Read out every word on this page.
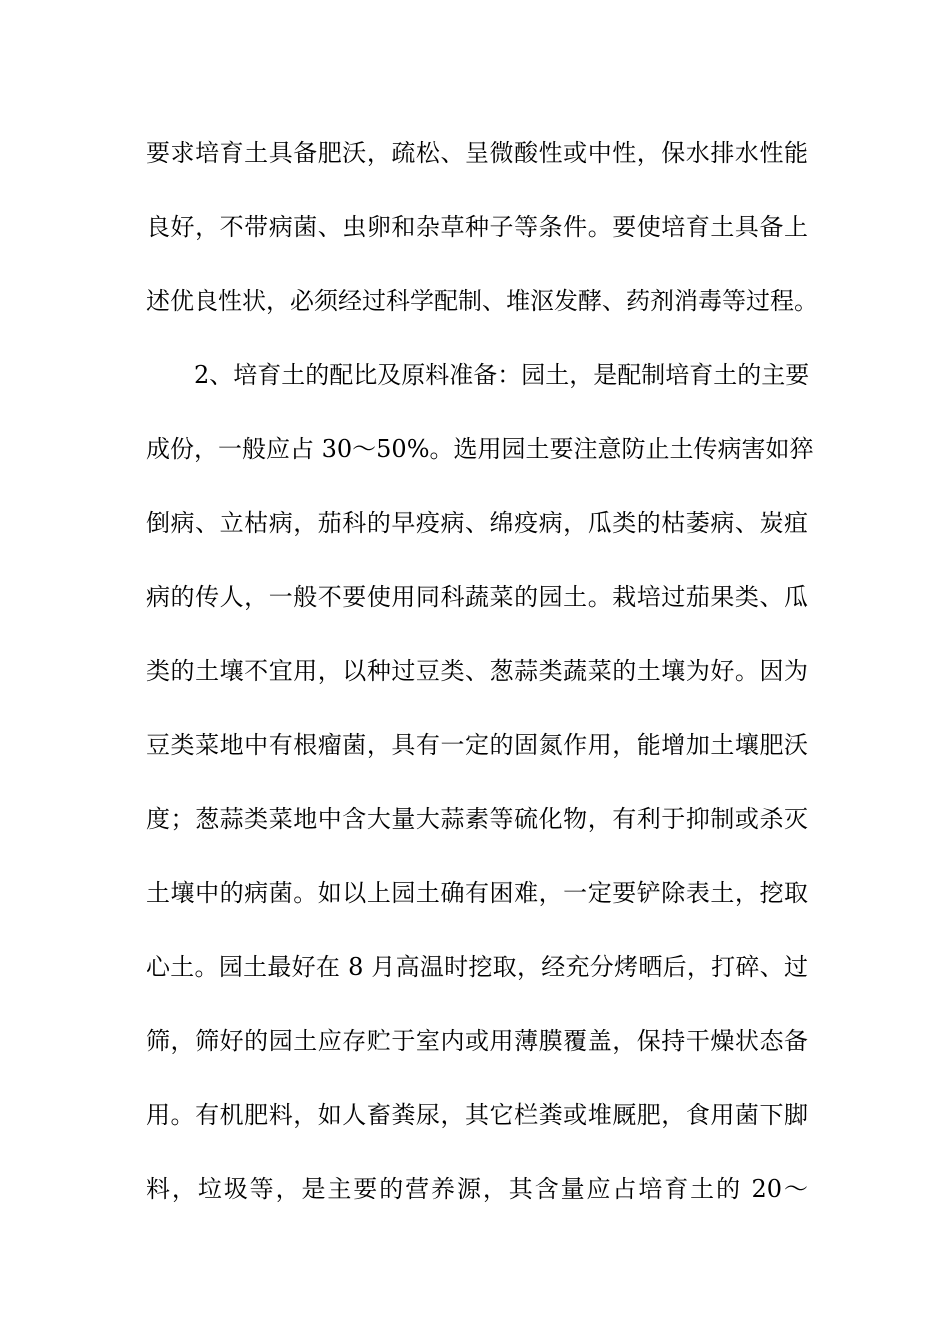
要求培育土具备肥沃，疏松、呈微酸性或中性，保水排水性能
良好，不带病菌、虫卵和杂草种子等条件。要使培育土具备上
述优良性状，必须经过科学配制、堆沤发酵、药剂消毒等过程。
2、培育土的配比及原料准备：园土，是配制培育土的主要
成份，一般应占 30～50%。选用园土要注意防止土传病害如猝
倒病、立枯病，茄科的早疫病、绵疫病，瓜类的枯萎病、炭疽
病的传人，一般不要使用同科蔬菜的园土。栽培过茄果类、瓜
类的土壤不宜用，以种过豆类、葱蒜类蔬菜的土壤为好。因为
豆类菜地中有根瘤菌，具有一定的固氮作用，能增加土壤肥沃
度；葱蒜类菜地中含大量大蒜素等硫化物，有利于抑制或杀灭
土壤中的病菌。如以上园土确有困难，一定要铲除表土，挖取
心土。园土最好在 8 月高温时挖取，经充分烤晒后，打碎、过
筛，筛好的园土应存贮于室内或用薄膜覆盖，保持干燥状态备
用。有机肥料，如人畜粪尿，其它栏粪或堆厩肥，食用菌下脚
料，垃圾等，是主要的营养源，其含量应占培育土的 20～
